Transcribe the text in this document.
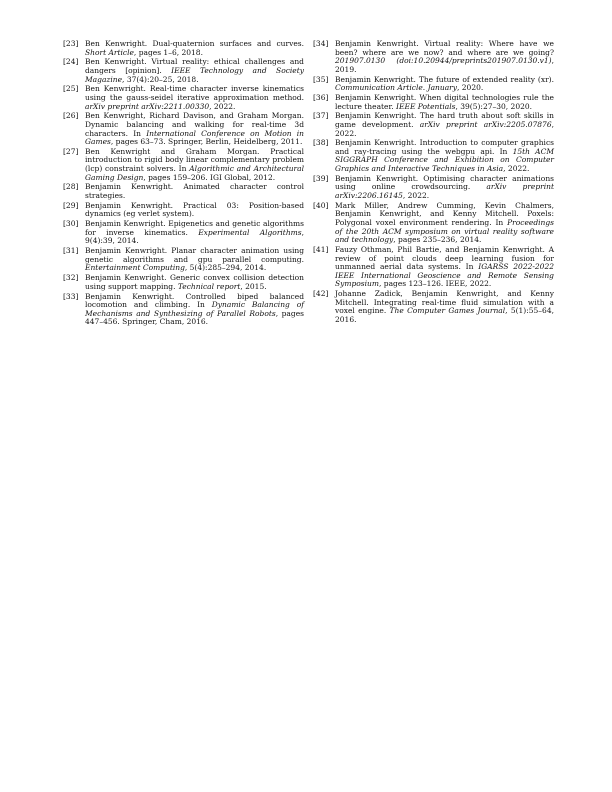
[23] Ben Kenwright. Dual-quaternion surfaces and curves. Short Article, pages 1–6, 2018.
[24] Ben Kenwright. Virtual reality: ethical challenges and dangers [opinion]. IEEE Technology and Society Magazine, 37(4):20–25, 2018.
[25] Ben Kenwright. Real-time character inverse kinematics using the gauss-seidel iterative approximation method. arXiv preprint arXiv:2211.00330, 2022.
[26] Ben Kenwright, Richard Davison, and Graham Morgan. Dynamic balancing and walking for real-time 3d characters. In International Conference on Motion in Games, pages 63–73. Springer, Berlin, Heidelberg, 2011.
[27] Ben Kenwright and Graham Morgan. Practical introduction to rigid body linear complementary problem (lcp) constraint solvers. In Algorithmic and Architectural Gaming Design, pages 159–206. IGI Global, 2012.
[28] Benjamin Kenwright. Animated character control strategies.
[29] Benjamin Kenwright. Practical 03: Position-based dynamics (eg verlet system).
[30] Benjamin Kenwright. Epigenetics and genetic algorithms for inverse kinematics. Experimental Algorithms, 9(4):39, 2014.
[31] Benjamin Kenwright. Planar character animation using genetic algorithms and gpu parallel computing. Entertainment Computing, 5(4):285–294, 2014.
[32] Benjamin Kenwright. Generic convex collision detection using support mapping. Technical report, 2015.
[33] Benjamin Kenwright. Controlled biped balanced locomotion and climbing. In Dynamic Balancing of Mechanisms and Synthesizing of Parallel Robots, pages 447–456. Springer, Cham, 2016.
[34] Benjamin Kenwright. Virtual reality: Where have we been? where are we now? and where are we going? 201907.0130 (doi:10.20944/preprints201907.0130.v1), 2019.
[35] Benjamin Kenwright. The future of extended reality (xr). Communication Article. January, 2020.
[36] Benjamin Kenwright. When digital technologies rule the lecture theater. IEEE Potentials, 39(5):27–30, 2020.
[37] Benjamin Kenwright. The hard truth about soft skills in game development. arXiv preprint arXiv:2205.07876, 2022.
[38] Benjamin Kenwright. Introduction to computer graphics and ray-tracing using the webgpu api. In 15th ACM SIGGRAPH Conference and Exhibition on Computer Graphics and Interactive Techniques in Asia, 2022.
[39] Benjamin Kenwright. Optimising character animations using online crowdsourcing. arXiv preprint arXiv:2206.16145, 2022.
[40] Mark Miller, Andrew Cumming, Kevin Chalmers, Benjamin Kenwright, and Kenny Mitchell. Poxels: Polygonal voxel environment rendering. In Proceedings of the 20th ACM symposium on virtual reality software and technology, pages 235–236, 2014.
[41] Fauzy Othman, Phil Bartie, and Benjamin Kenwright. A review of point clouds deep learning fusion for unmanned aerial data systems. In IGARSS 2022-2022 IEEE International Geoscience and Remote Sensing Symposium, pages 123–126. IEEE, 2022.
[42] Johanne Zadick, Benjamin Kenwright, and Kenny Mitchell. Integrating real-time fluid simulation with a voxel engine. The Computer Games Journal, 5(1):55–64, 2016.
